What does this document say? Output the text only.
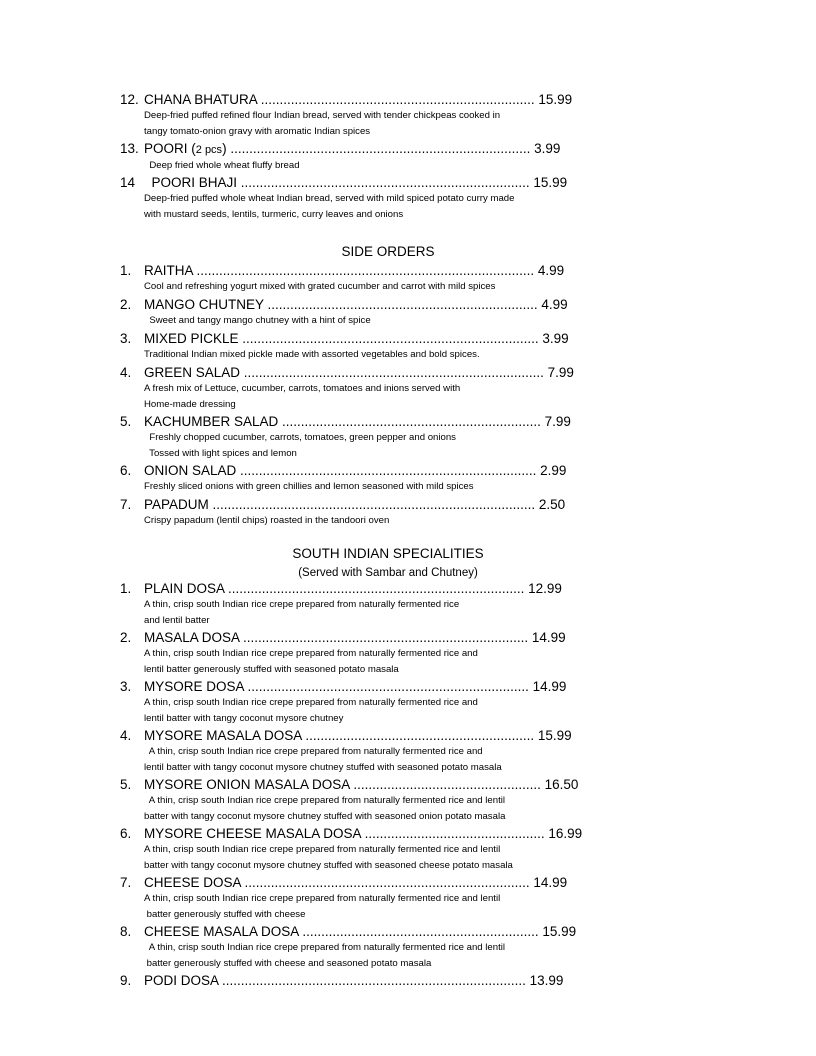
12. CHANA BHATURA ......................................................................... 15.99
Deep-fried puffed refined flour Indian bread, served with tender chickpeas cooked in
tangy tomato-onion gravy with aromatic Indian spices
13. POORI (2 pcs) ................................................................................ 3.99
Deep fried whole wheat fluffy bread
14  POORI BHAJI ............................................................................. 15.99
Deep-fried puffed whole wheat Indian bread, served with mild spiced potato curry made
with mustard seeds, lentils, turmeric, curry leaves and onions
SIDE ORDERS
1. RAITHA .......................................................................................... 4.99
Cool and refreshing yogurt mixed with grated cucumber and carrot with mild spices
2. MANGO CHUTNEY ........................................................................ 4.99
Sweet and tangy mango chutney with a hint of spice
3. MIXED PICKLE ............................................................................... 3.99
Traditional Indian mixed pickle made with assorted vegetables and bold spices.
4. GREEN SALAD ................................................................................ 7.99
A fresh mix of Lettuce, cucumber, carrots, tomatoes and inions served with
Home-made dressing
5. KACHUMBER SALAD ..................................................................... 7.99
Freshly chopped cucumber, carrots, tomatoes, green pepper and onions
Tossed with light spices and lemon
6. ONION SALAD ............................................................................... 2.99
Freshly sliced onions with green chillies and lemon seasoned with mild spices
7. PAPADUM ...................................................................................... 2.50
Crispy papadum (lentil chips) roasted in the tandoori oven
SOUTH INDIAN SPECIALITIES
(Served with Sambar and Chutney)
1. PLAIN DOSA ............................................................................... 12.99
A thin, crisp south Indian rice crepe prepared from naturally fermented rice
and lentil batter
2. MASALA DOSA ............................................................................ 14.99
A thin, crisp south Indian rice crepe prepared from naturally fermented rice and
lentil batter generously stuffed with seasoned potato masala
3. MYSORE DOSA ........................................................................... 14.99
A thin, crisp south Indian rice crepe prepared from naturally fermented rice and
lentil batter with tangy coconut mysore chutney
4. MYSORE MASALA DOSA ............................................................. 15.99
A thin, crisp south Indian rice crepe prepared from naturally fermented rice and
lentil batter with tangy coconut mysore chutney stuffed with seasoned potato masala
5. MYSORE ONION MASALA DOSA .................................................. 16.50
A thin, crisp south Indian rice crepe prepared from naturally fermented rice and lentil
batter with tangy coconut mysore chutney stuffed with seasoned onion potato masala
6. MYSORE CHEESE MASALA DOSA ................................................ 16.99
A thin, crisp south Indian rice crepe prepared from naturally fermented rice and lentil
batter with tangy coconut mysore chutney stuffed with seasoned cheese potato masala
7. CHEESE DOSA ............................................................................ 14.99
A thin, crisp south Indian rice crepe prepared from naturally fermented rice and lentil
batter generously stuffed with cheese
8. CHEESE MASALA DOSA ............................................................... 15.99
A thin, crisp south Indian rice crepe prepared from naturally fermented rice and lentil
batter generously stuffed with cheese and seasoned potato masala
9. PODI DOSA ................................................................................. 13.99
